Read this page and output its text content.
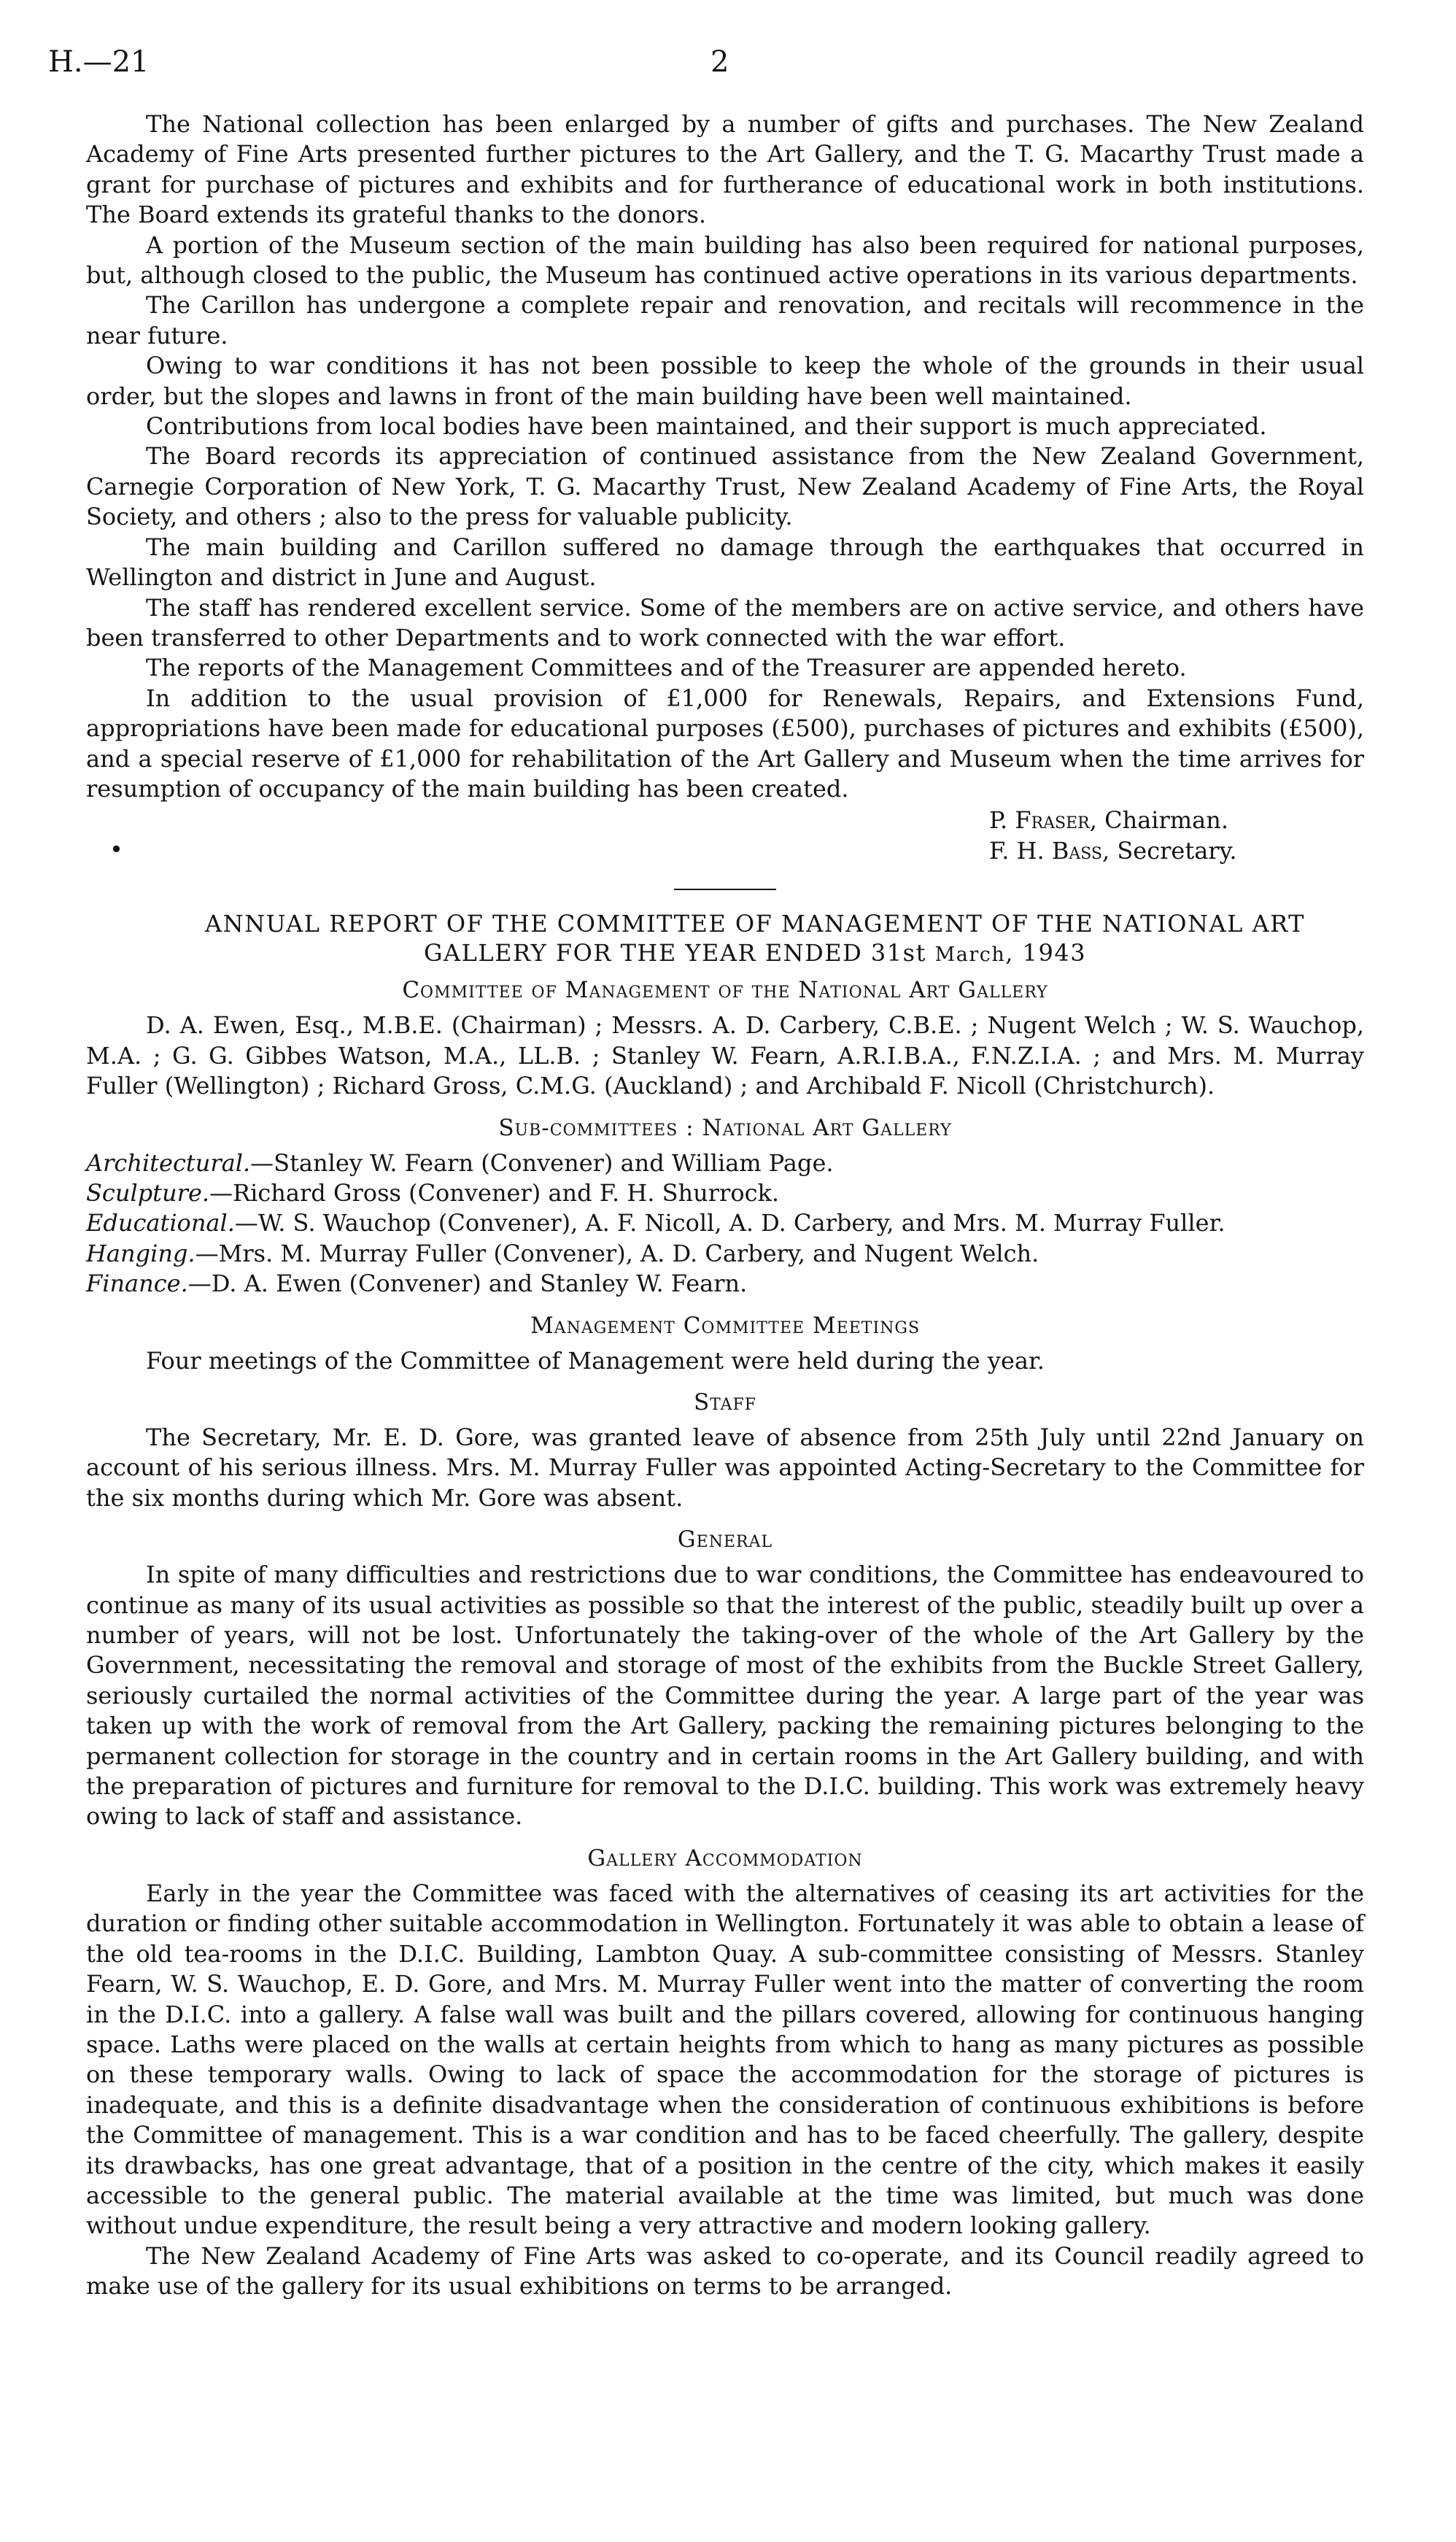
H.—21	2

The National collection has been enlarged by a number of gifts and purchases. The New Zealand Academy of Fine Arts presented further pictures to the Art Gallery, and the T. G. Macarthy Trust made a grant for purchase of pictures and exhibits and for furtherance of educational work in both institutions. The Board extends its grateful thanks to the donors.

A portion of the Museum section of the main building has also been required for national purposes, but, although closed to the public, the Museum has continued active operations in its various departments.

The Carillon has undergone a complete repair and renovation, and recitals will recommence in the near future.

Owing to war conditions it has not been possible to keep the whole of the grounds in their usual order, but the slopes and lawns in front of the main building have been well maintained.

Contributions from local bodies have been maintained, and their support is much appreciated.

The Board records its appreciation of continued assistance from the New Zealand Government, Carnegie Corporation of New York, T. G. Macarthy Trust, New Zealand Academy of Fine Arts, the Royal Society, and others ; also to the press for valuable publicity.

The main building and Carillon suffered no damage through the earthquakes that occurred in Wellington and district in June and August.

The staff has rendered excellent service. Some of the members are on active service, and others have been transferred to other Departments and to work connected with the war effort.

The reports of the Management Committees and of the Treasurer are appended hereto.

In addition to the usual provision of £1,000 for Renewals, Repairs, and Extensions Fund, appropriations have been made for educational purposes (£500), purchases of pictures and exhibits (£500), and a special reserve of £1,000 for rehabilitation of the Art Gallery and Museum when the time arrives for resumption of occupancy of the main building has been created.

P. Fraser, Chairman.
•	F. H. Bass, Secretary.

ANNUAL REPORT OF THE COMMITTEE OF MANAGEMENT OF THE NATIONAL ART

GALLERY FOR THE YEAR ENDED 31st March, 1943

Committee of Management of the National Art Gallery

D. A. Ewen, Esq., M.B.E. (Chairman) ; Messrs. A. D. Carbery, C.B.E. ; Nugent Welch ; W. S. Wauchop, M.A. ; G. G. Gibbes Watson, M.A., LL.B. ; Stanley W. Fearn, A.R.I.B.A., F.N.Z.I.A. ; and Mrs. M. Murray Fuller (Wellington) ; Richard Gross, C.M.G. (Auckland) ; and Archibald F. Nicoll (Christchurch).

Sub-committees : National Art Gallery

Architectural.—Stanley W. Fearn (Convener) and William Page.

Sculpture.—Richard Gross (Convener) and F. H. Shurrock.

Educational.—W. S. Wauchop (Convener), A. F. Nicoll, A. D. Carbery, and Mrs. M. Murray Fuller.

Hanging.—Mrs. M. Murray Fuller (Convener), A. D. Carbery, and Nugent Welch.

Finance.—D. A. Ewen (Convener) and Stanley W. Fearn.

Management Committee Meetings

Four meetings of the Committee of Management were held during the year.

Staff

The Secretary, Mr. E. D. Gore, was granted leave of absence from 25th July until 22nd January on account of his serious illness. Mrs. M. Murray Fuller was appointed Acting-Secretary to the Committee for the six months during which Mr. Gore was absent.

General

In spite of many difficulties and restrictions due to war conditions, the Committee has endeavoured to continue as many of its usual activities as possible so that the interest of the public, steadily built up over a number of years, will not be lost. Unfortunately the taking-over of the whole of the Art Gallery by the Government, necessitating the removal and storage of most of the exhibits from the Buckle Street Gallery, seriously curtailed the normal activities of the Committee during the year. A large part of the year was taken up with the work of removal from the Art Gallery, packing the remaining pictures belonging to the permanent collection for storage in the country and in certain rooms in the Art Gallery building, and with the preparation of pictures and furniture for removal to the D.I.C. building. This work was extremely heavy owing to lack of staff and assistance.

Gallery Accommodation

Early in the year the Committee was faced with the alternatives of ceasing its art activities for the duration or finding other suitable accommodation in Wellington. Fortunately it was able to obtain a lease of the old tea-rooms in the D.I.C. Building, Lambton Quay. A sub-committee consisting of Messrs. Stanley Fearn, W. S. Wauchop, E. D. Gore, and Mrs. M. Murray Fuller went into the matter of converting the room in the D.I.C. into a gallery. A false wall was built and the pillars covered, allowing for continuous hanging space. Laths were placed on the walls at certain heights from which to hang as many pictures as possible on these temporary walls. Owing to lack of space the accommodation for the storage of pictures is inadequate, and this is a definite disadvantage when the consideration of continuous exhibitions is before the Committee of management. This is a war condition and has to be faced cheerfully. The gallery, despite its drawbacks, has one great advantage, that of a position in the centre of the city, which makes it easily accessible to the general public. The material available at the time was limited, but much was done without undue expenditure, the result being a very attractive and modern looking gallery.

The New Zealand Academy of Fine Arts was asked to co-operate, and its Council readily agreed to make use of the gallery for its usual exhibitions on terms to be arranged.
